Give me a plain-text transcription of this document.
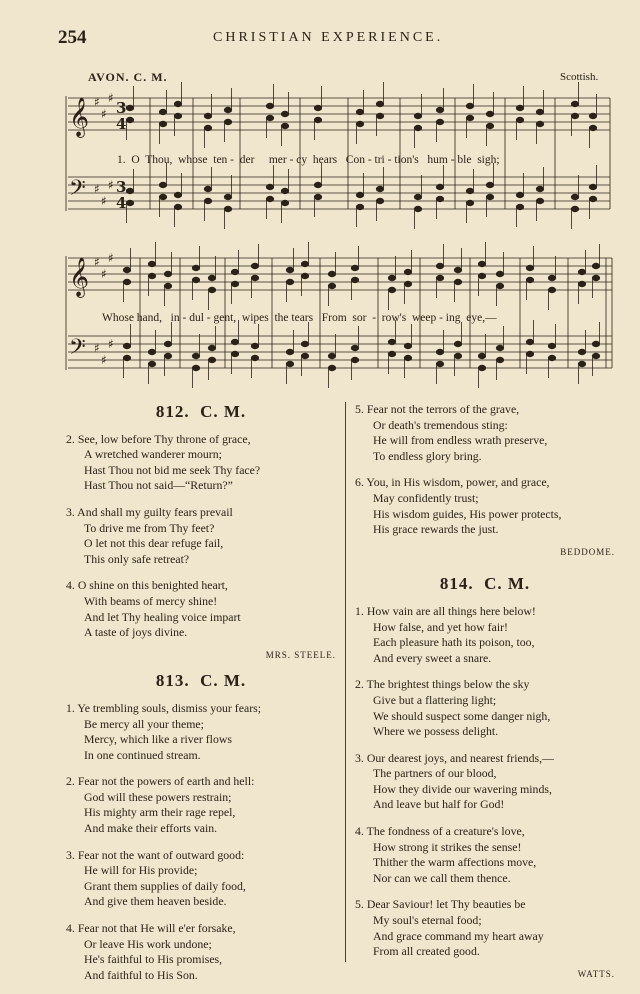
254	CHRISTIAN EXPERIENCE.
AVON. C. M.	Scottish.
𝄞 ♯
♯
♯
3
4
𝄢 ♯
♯
♯ 3
4
𝄞 ♯
♯
♯
𝄢 ♯
♯
♯
1.  O  Thou,  whose  ten -  der     mer - cy  hears   Con - tri - tion's   hum - ble  sigh;
Whose hand,   in - dul - gent,  wipes  the tears   From  sor  -  row's  weep - ing  eye,—
812. C. M.
2. See, low before Thy throne of grace,
A wretched wanderer mourn;
Hast Thou not bid me seek Thy face?
Hast Thou not said—“Return?”
3. And shall my guilty fears prevail
To drive me from Thy feet?
O let not this dear refuge fail,
This only safe retreat?
4. O shine on this benighted heart,
With beams of mercy shine!
And let Thy healing voice impart
A taste of joys divine.
MRS. STEELE.
813. C. M.
1. Ye trembling souls, dismiss your fears;
Be mercy all your theme;
Mercy, which like a river flows
In one continued stream.
2. Fear not the powers of earth and hell:
God will these powers restrain;
His mighty arm their rage repel,
And make their efforts vain.
3. Fear not the want of outward good:
He will for His provide;
Grant them supplies of daily food,
And give them heaven beside.
4. Fear not that He will e'er forsake,
Or leave His work undone;
He's faithful to His promises,
And faithful to His Son.
5. Fear not the terrors of the grave,
Or death's tremendous sting:
He will from endless wrath preserve,
To endless glory bring.
6. You, in His wisdom, power, and grace,
May confidently trust;
His wisdom guides, His power protects,
His grace rewards the just.
BEDDOME.
814. C. M.
1. How vain are all things here below!
How false, and yet how fair!
Each pleasure hath its poison, too,
And every sweet a snare.
2. The brightest things below the sky
Give but a flattering light;
We should suspect some danger nigh,
Where we possess delight.
3. Our dearest joys, and nearest friends,—
The partners of our blood,
How they divide our wavering minds,
And leave but half for God!
4. The fondness of a creature's love,
How strong it strikes the sense!
Thither the warm affections move,
Nor can we call them thence.
5. Dear Saviour! let Thy beauties be
My soul's eternal food;
And grace command my heart away
From all created good.
WATTS.
